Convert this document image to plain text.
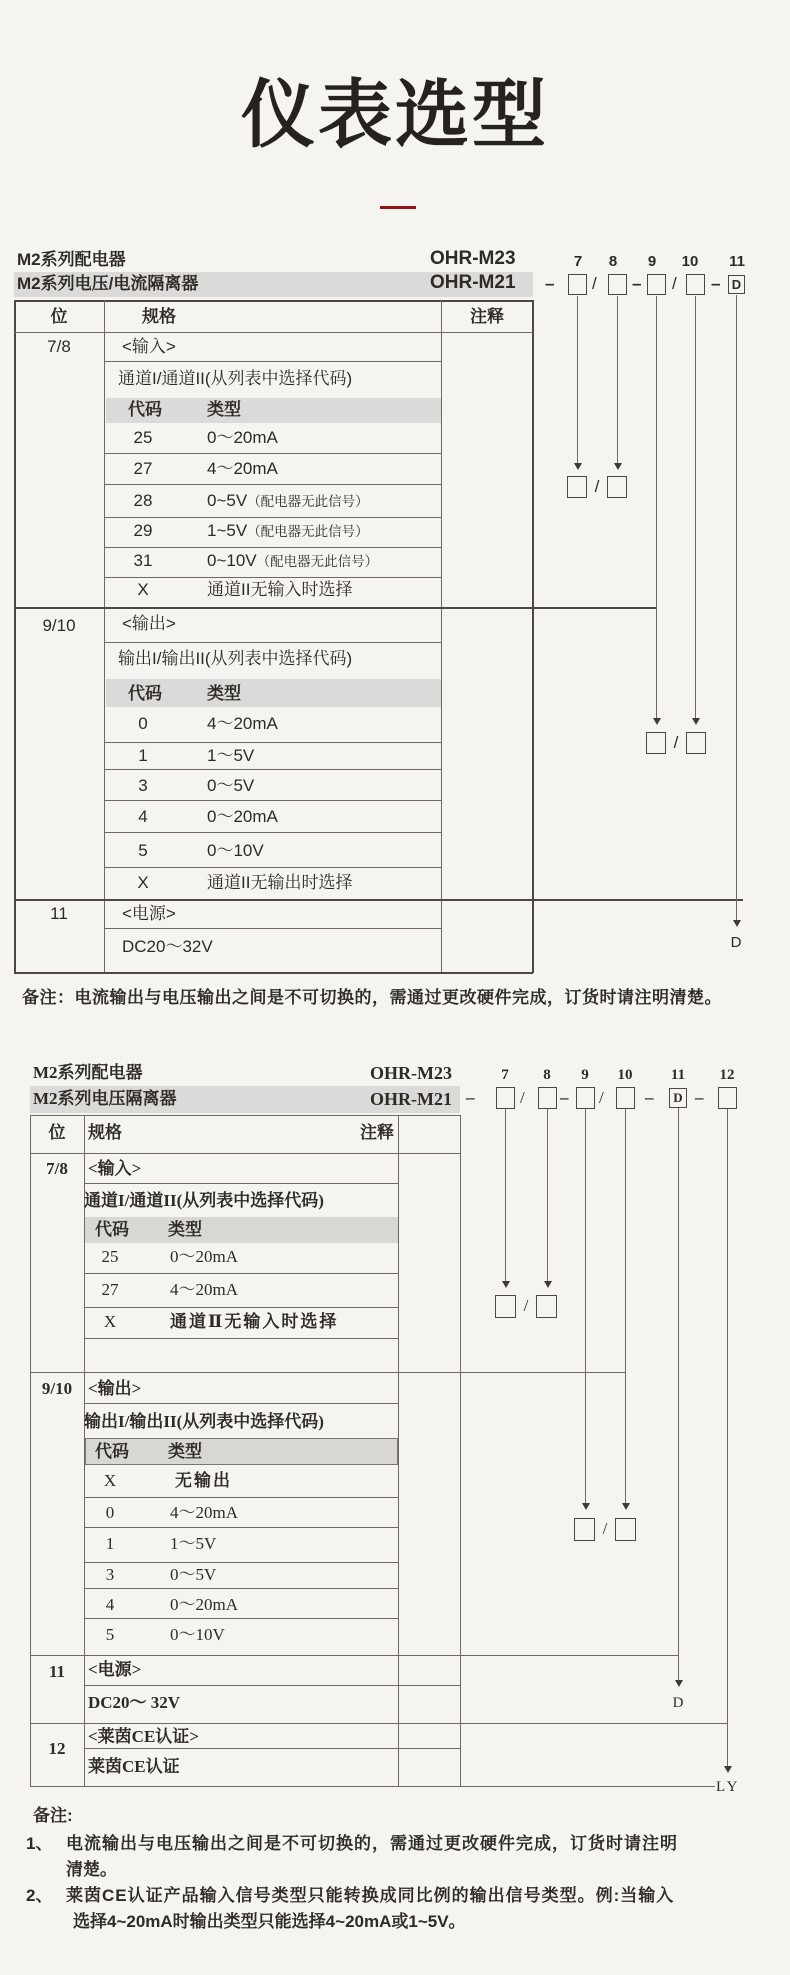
仪表选型
M2系列配电器
M2系列电压/电流隔离器
OHR-M23
OHR-M21
7	8	9	10 11
– / – / – D
位	规格	注释
7/8	<输入>
通道I/通道II(从列表中选择代码)
代码	类型
25	0～20mA
27	4～20mA
28	0~5V（配电器无此信号）
29	1~5V（配电器无此信号）
31	0~10V（配电器无此信号）
X	通道II无输入时选择
9/10	<输出>
输出I/输出II(从列表中选择代码)
代码	类型
0	4～20mA
1	1～5V
3	0～5V
4	0～20mA
5	0～10V
X	通道II无输出时选择
11	<电源>
DC20～32V
/
/
D
备注：电流输出与电压输出之间是不可切换的，需通过更改硬件完成，订货时请注明清楚。
M2系列配电器
M2系列电压隔离器
OHR-M23
OHR-M21
7	8	9	10	11 12
–	/ – / –	D –
位	规格	注释
7/8	<输入>
通道I/通道II(从列表中选择代码)
代码 类型
25	0～20mA
27	4～20mA
X	通道Ⅱ无输入时选择
9/10 <输出>
输出I/输出II(从列表中选择代码)
代码 类型
X	无输出
0	4～20mA
1	1～5V
3	0～5V
4	0～20mA
5	0～10V
11	<电源>
DC20～ 32V
12
<莱茵CE认证>
莱茵CE认证
/
/
D
LY
备注:
1、 电流输出与电压输出之间是不可切换的，需通过更改硬件完成，订货时请注明
清楚。
2、 莱茵CE认证产品输入信号类型只能转换成同比例的输出信号类型。例:当输入
选择4~20mA时输出类型只能选择4~20mA或1~5V。
